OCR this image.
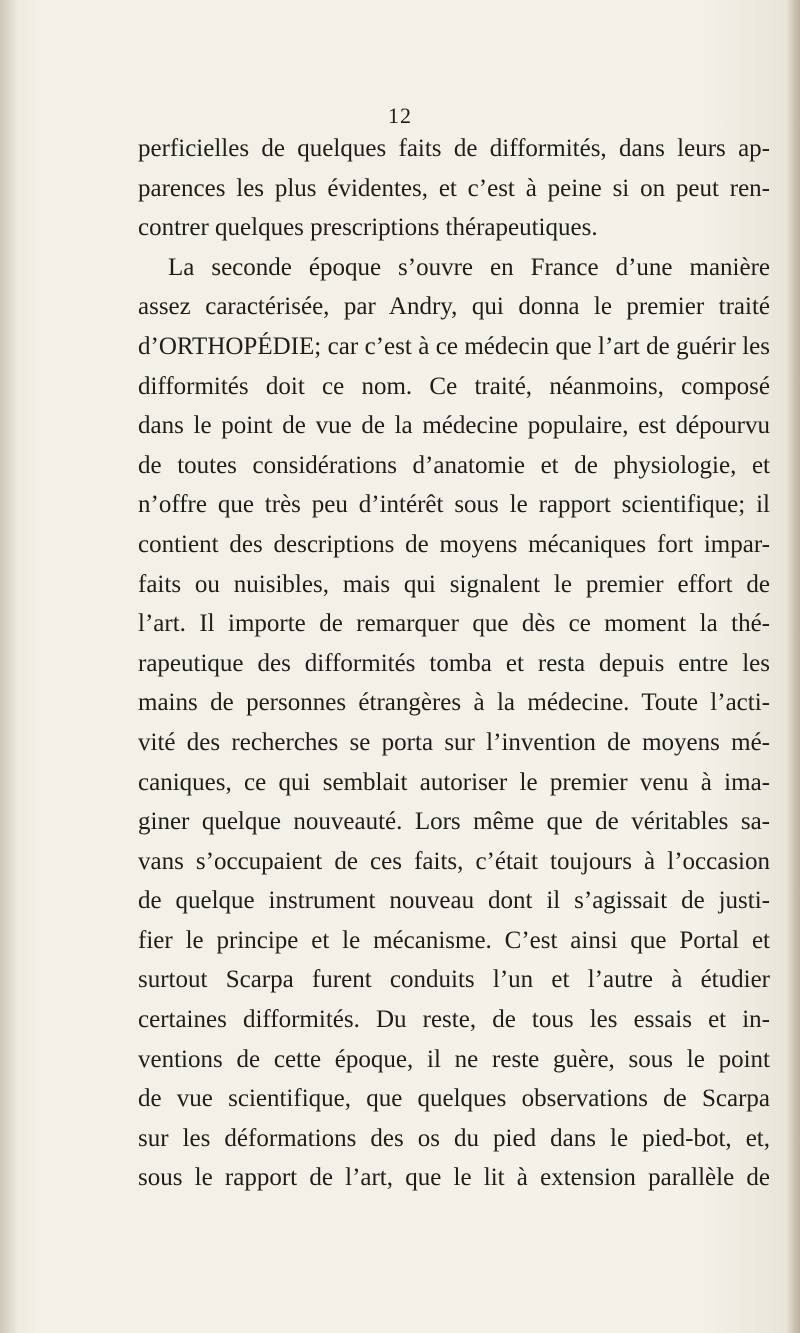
12
perficielles de quelques faits de difformités, dans leurs ap-
parences les plus évidentes, et c’est à peine si on peut ren-
contrer quelques prescriptions thérapeutiques.
La seconde époque s’ouvre en France d’une manière
assez caractérisée, par Andry, qui donna le premier traité
d’ORTHOPÉDIE; car c’est à ce médecin que l’art de guérir les
difformités doit ce nom. Ce traité, néanmoins, composé
dans le point de vue de la médecine populaire, est dépourvu
de toutes considérations d’anatomie et de physiologie, et
n’offre que très peu d’intérêt sous le rapport scientifique; il
contient des descriptions de moyens mécaniques fort impar-
faits ou nuisibles, mais qui signalent le premier effort de
l’art. Il importe de remarquer que dès ce moment la thé-
rapeutique des difformités tomba et resta depuis entre les
mains de personnes étrangères à la médecine. Toute l’acti-
vité des recherches se porta sur l’invention de moyens mé-
caniques, ce qui semblait autoriser le premier venu à ima-
giner quelque nouveauté. Lors même que de véritables sa-
vans s’occupaient de ces faits, c’était toujours à l’occasion
de quelque instrument nouveau dont il s’agissait de justi-
fier le principe et le mécanisme. C’est ainsi que Portal et
surtout Scarpa furent conduits l’un et l’autre à étudier
certaines difformités. Du reste, de tous les essais et in-
ventions de cette époque, il ne reste guère, sous le point
de vue scientifique, que quelques observations de Scarpa
sur les déformations des os du pied dans le pied-bot, et,
sous le rapport de l’art, que le lit à extension parallèle de
